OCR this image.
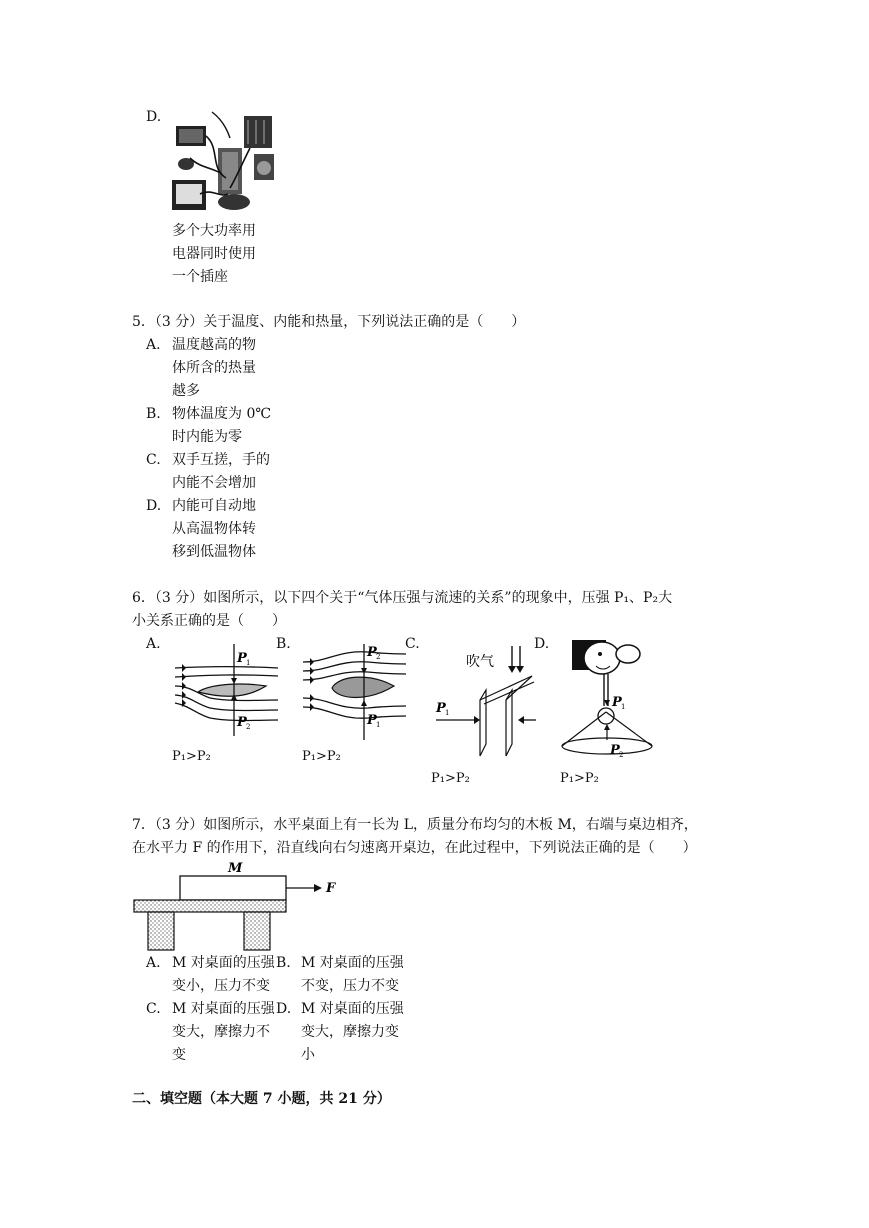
D.
多个大功率用
电器同时使用
一个插座
5．（3 分）关于温度、内能和热量，下列说法正确的是（　　）
A. 温度越高的物
体所含的热量
越多
B. 物体温度为 0℃
时内能为零
C. 双手互搓，手的
内能不会增加
D. 内能可自动地
从高温物体转
移到低温物体
6．（3 分）如图所示，以下四个关于“气体压强与流速的关系”的现象中，压强 P₁、P₂大
小关系正确的是（　　）
A.	B.	C.	D.
P 1
P 2
P 2
P 1
吹气
P 1
P 1
P 2
P₁>P₂	P₁>P₂
P₁>P₂	P₁>P₂
7．（3 分）如图所示，水平桌面上有一长为 L，质量分布均匀的木板 M，右端与桌边相齐，
在水平力 F 的作用下，沿直线向右匀速离开桌边，在此过程中，下列说法正确的是（　　）
M
F
A. M 对桌面的压强
变小，压力不变
B. M 对桌面的压强
不变，压力不变
C. M 对桌面的压强
变大，摩擦力不
变
D. M 对桌面的压强
变大，摩擦力变
小
二、填空题（本大题 7 小题，共 21 分）
